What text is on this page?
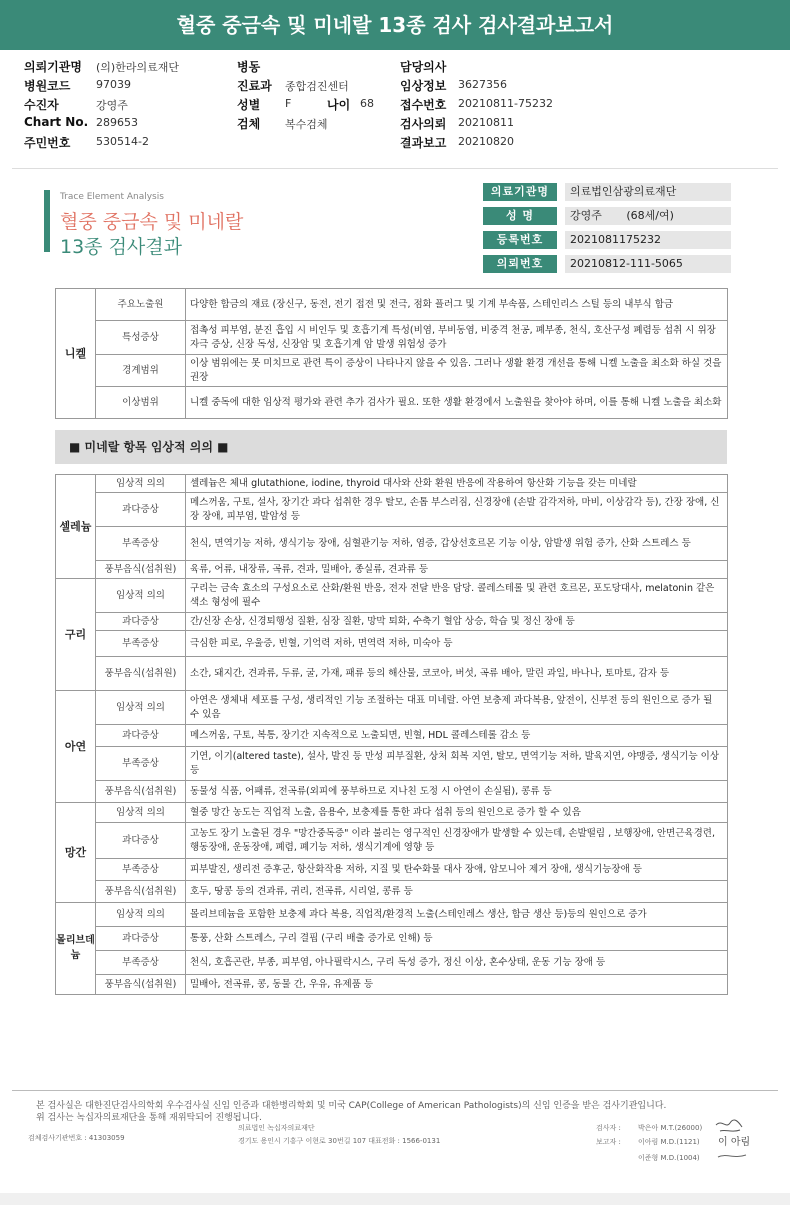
혈중 중금속 및 미네랄 13종 검사 검사결과보고서
의뢰기관명 (의)한라의료재단
병원코드 97039
수진자	강영주
Chart No. 289653
주민번호 530514-2
병동
진료과 종합검진센터
성별 F	나이 68
검체 복수검체
담당의사
임상정보 3627356
접수번호 20210811-75232
검사의뢰 20210811
결과보고 20210820
Trace Element Analysis
혈중 중금속 및 미네랄
13종 검사결과
의료기관명	의료법인삼광의료재단
성 명	강영주       (68세/여)
등록번호	2021081175232
의뢰번호	20210812-111-5065
니켈	주요노출원	다양한 합금의 재료 (장신구, 동전, 전기 접전 및 전극, 점화 플러그 및 기계 부속품, 스테인리스 스틸 등의 내부식 합금
	특성증상	접촉성 피부염, 분진 흡입 시 비인두 및 호흡기계 특성(비염, 부비동염, 비중격 천공, 폐부종, 천식, 호산구성 폐렴등 섭취 시 위장 자극 증상, 신장 독성, 신장암 및 호흡기계 암 발생 위험성 증가
	경계범위	이상 범위에는 못 미치므로 관련 특이 증상이 나타나지 않을 수 있음. 그러나 생활 환경 개선을 통해 니켈 노출을 최소화 하실 것을 권장
	이상범위	니켈 중독에 대한 임상적 평가와 관련 추가 검사가 필요. 또한 생활 환경에서 노출원을 찾아야 하며, 이를 통해 니켈 노출을 최소화
■ 미네랄 항목 임상적 의의 ■
셀레늄	임상적 의의	셀레늄은 체내 glutathione, iodine, thyroid 대사와 산화 환원 반응에 작용하여 항산화 기능을 갖는 미네랄
	과다증상	메스꺼움, 구토, 설사, 장기간 과다 섭취한 경우 탈모, 손톱 부스러짐, 신경장애 (손발 감각저하, 마비, 이상감각 등), 간장 장애, 신장 장애, 피부염, 발암성 등
	부족증상	천식, 면역기능 저하, 생식기능 장애, 심혈관기능 저하, 염증, 갑상선호르몬 기능 이상, 암발생 위험 증가, 산화 스트레스 등
	풍부음식(섭취원)	육류, 어류, 내장류, 곡류, 견과, 밀배아, 종실류, 견과류 등
구리	임상적 의의	구리는 금속 효소의 구성요소로 산화/환원 반응, 전자 전달 반응 담당. 콜레스테롤 및 관련 호르몬, 포도당대사, melatonin 같은 색소 형성에 필수
	과다증상	간/신장 손상, 신경퇴행성 질환, 심장 질환, 망막 퇴화, 수축기 혈압 상승, 학습 및 정신 장애 등
	부족증상	극심한 피로, 우울증, 빈혈, 기억력 저하, 면역력 저하, 미숙아 등
	풍부음식(섭취원)	소간, 돼지간, 견과류, 두류, 굴, 가재, 패류 등의 해산물, 코코아, 버섯, 곡류 배아, 말린 과일, 바나나, 토마토, 감자 등
아연	임상적 의의	아연은 생체내 세포를 구성, 생리적인 기능 조절하는 대표 미네랄. 아연 보충제 과다복용, 앞전이, 신부전 등의 원인으로 증가 될 수 있음
	과다증상	메스꺼움, 구토, 복통, 장기간 지속적으로 노출되면, 빈혈, HDL 콜레스테롤 감소 등
	부족증상	기연, 이기(altered taste), 설사, 발진 등 만성 피부질환, 상처 회복 지연, 탈모, 면역기능 저하, 발육지연, 야맹증, 생식기능 이상 등
	풍부음식(섭취원)	동물성 식품, 어패류, 전곡류(외피에 풍부하므로 지나친 도정 시 아연이 손실됨), 콩류 등
망간	임상적 의의	혈중 망간 농도는 직업적 노출, 음용수, 보충제를 통한 과다 섭취 등의 원인으로 증가 할 수 있음
	과다증상	고농도 장기 노출된 경우 "망간중독증" 이라 불리는 영구적인 신경장애가 발생할 수 있는데, 손발떨림 , 보행장애, 안면근육경련, 행동장애, 운동장애, 폐렴, 폐기능 저하, 생식기계에 영향 등
	부족증상	피부발진, 생리전 증후군, 항산화작용 저하, 지질 및 탄수화물 대사 장애, 암모니아 제거 장애, 생식기능장애 등
	풍부음식(섭취원)	호두, 땅콩 등의 견과류, 귀리, 전곡류, 시리얼, 콩류 등
몰리브데늄	임상적 의의	몰리브데늄을 포함한 보충제 과다 복용, 직업적/환경적 노출(스테인레스 생산, 합금 생산 등)등의 원인으로 증가
	과다증상	통풍, 산화 스트레스, 구리 결핍 (구리 배출 증가로 인해) 등
	부족증상	천식, 호흡곤란, 부종, 피부염, 아나필락시스, 구리 독성 증가, 정신 이상, 혼수상태, 운동 기능 장애 등
	풍부음식(섭취원)	밀배아, 전곡류, 콩, 동물 간, 우유, 유제품 등
본 검사실은 대한진단검사의학회 우수검사실 신임 인증과 대한병리학회 및 미국 CAP(College of American Pathologists)의 신임 인증을 받은 검사기관입니다.
위 검사는 녹십자의료재단을 통해 재위탁되어 진행됩니다.
검체검사기관번호 : 41303059
의료법인 녹십자의료재단
경기도 용인시 기흥구 이현로 30번길 107 대표전화 : 1566-0131
검사자 : 박은아 M.T.(26000)
보고자 : 이아림 M.D.(1121)
이준형 M.D.(1004)
이 아림
